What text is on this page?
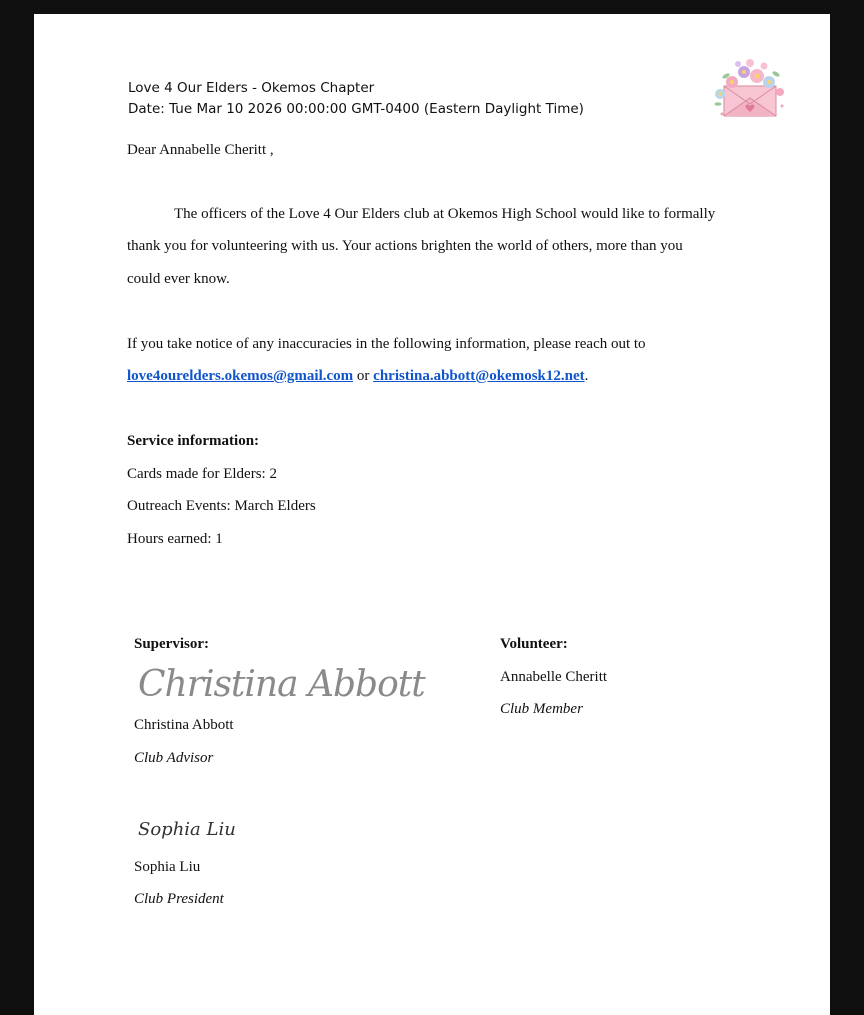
Love 4 Our Elders - Okemos Chapter
Date: Tue Mar 10 2026 00:00:00 GMT-0400 (Eastern Daylight Time)
Dear Annabelle Cheritt ,
The officers of the Love 4 Our Elders club at Okemos High School would like to formally
thank you for volunteering with us. Your actions brighten the world of others, more than you
could ever know.
If you take notice of any inaccuracies in the following information, please reach out to
love4ourelders.okemos@gmail.com or christina.abbott@okemosk12.net.
Service information:
Cards made for Elders: 2
Outreach Events: March Elders
Hours earned: 1
Supervisor:
Christina Abbott
Christina Abbott
Club Advisor
Sophia Liu
Sophia Liu
Club President
Volunteer:
Annabelle Cheritt
Club Member
